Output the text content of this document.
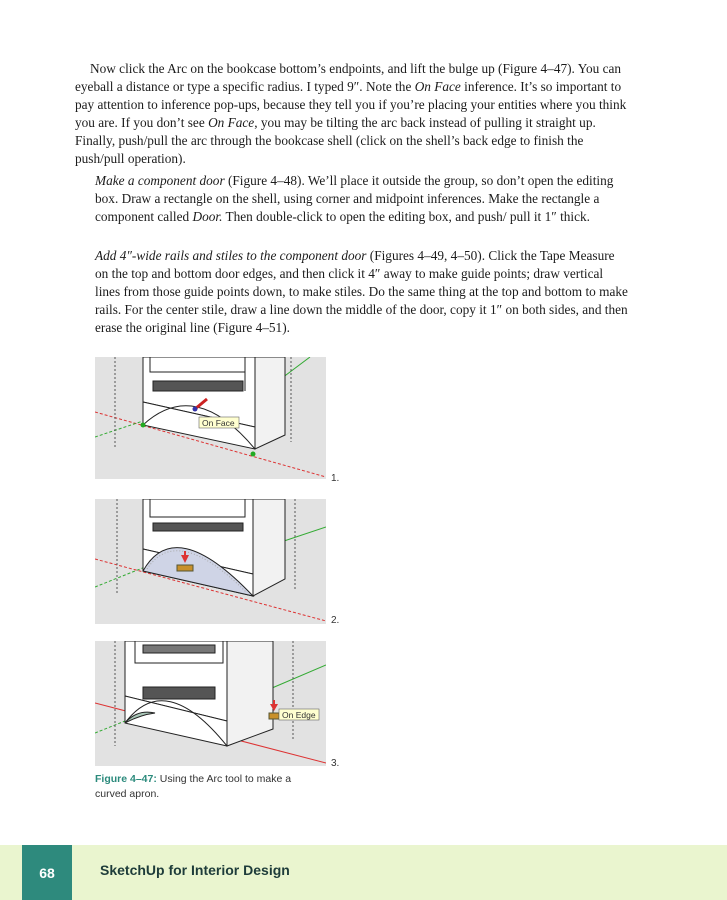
Now click the Arc on the bookcase bottom’s endpoints, and lift the bulge up (Figure 4–47). You can eyeball a distance or type a specific radius. I typed 9″. Note the On Face inference. It’s so important to pay attention to inference pop-ups, because they tell you if you’re placing your entities where you think you are. If you don’t see On Face, you may be tilting the arc back instead of pulling it straight up. Finally, push/pull the arc through the bookcase shell (click on the shell’s back edge to finish the push/pull operation).

Make a component door (Figure 4–48). We’ll place it outside the group, so don’t open the editing box. Draw a rectangle on the shell, using corner and midpoint inferences. Make the rectangle a component called Door. Then double-click to open the editing box, and push/ pull it 1″ thick.

Add 4″-wide rails and stiles to the component door (Figures 4–49, 4–50). Click the Tape Measure on the top and bottom door edges, and then click it 4″ away to make guide points; draw vertical lines from those guide points down, to make stiles. Do the same thing at the top and bottom to make rails. For the center stile, draw a line down the middle of the door, copy it 1″ on both sides, and then erase the original line (Figure 4–51).

On Face
1.
2.
On Edge
3.
Figure 4–47: Using the Arc tool to make a curved apron.
68	SketchUp for Interior Design
